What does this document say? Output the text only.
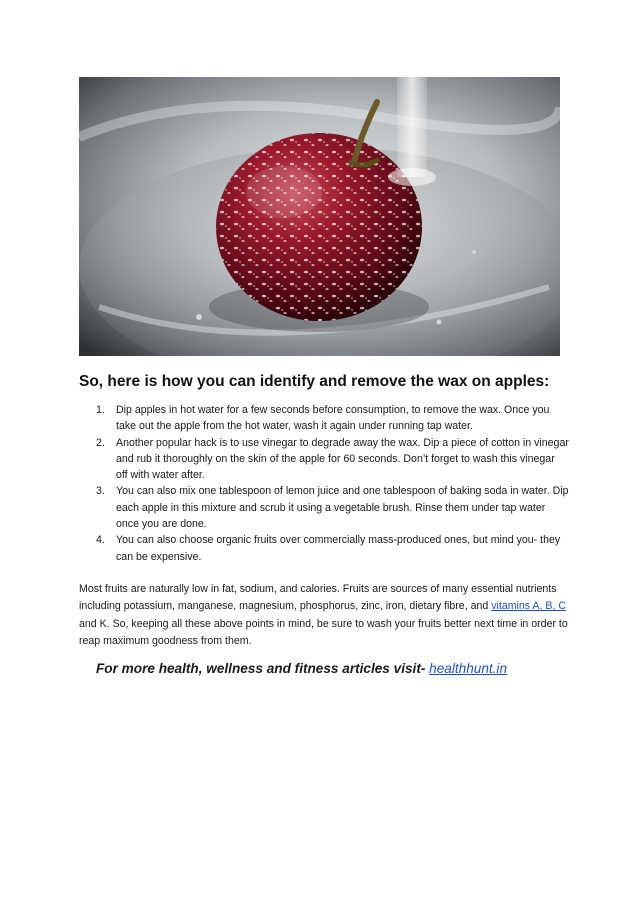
So, here is how you can identify and remove the wax on apples:
1. Dip apples in hot water for a few seconds before consumption, to remove the wax. Once you take out the apple from the hot water, wash it again under running tap water.
2. Another popular hack is to use vinegar to degrade away the wax. Dip a piece of cotton in vinegar and rub it thoroughly on the skin of the apple for 60 seconds. Don’t forget to wash this vinegar off with water after.
3. You can also mix one tablespoon of lemon juice and one tablespoon of baking soda in water. Dip each apple in this mixture and scrub it using a vegetable brush. Rinse them under tap water once you are done.
4. You can also choose organic fruits over commercially mass-produced ones, but mind you- they can be expensive.

Most fruits are naturally low in fat, sodium, and calories. Fruits are sources of many essential nutrients including potassium, manganese, magnesium, phosphorus, zinc, iron, dietary fibre, and vitamins A, B, C and K. So, keeping all these above points in mind, be sure to wash your fruits better next time in order to reap maximum goodness from them.

For more health, wellness and fitness articles visit- healthhunt.in
